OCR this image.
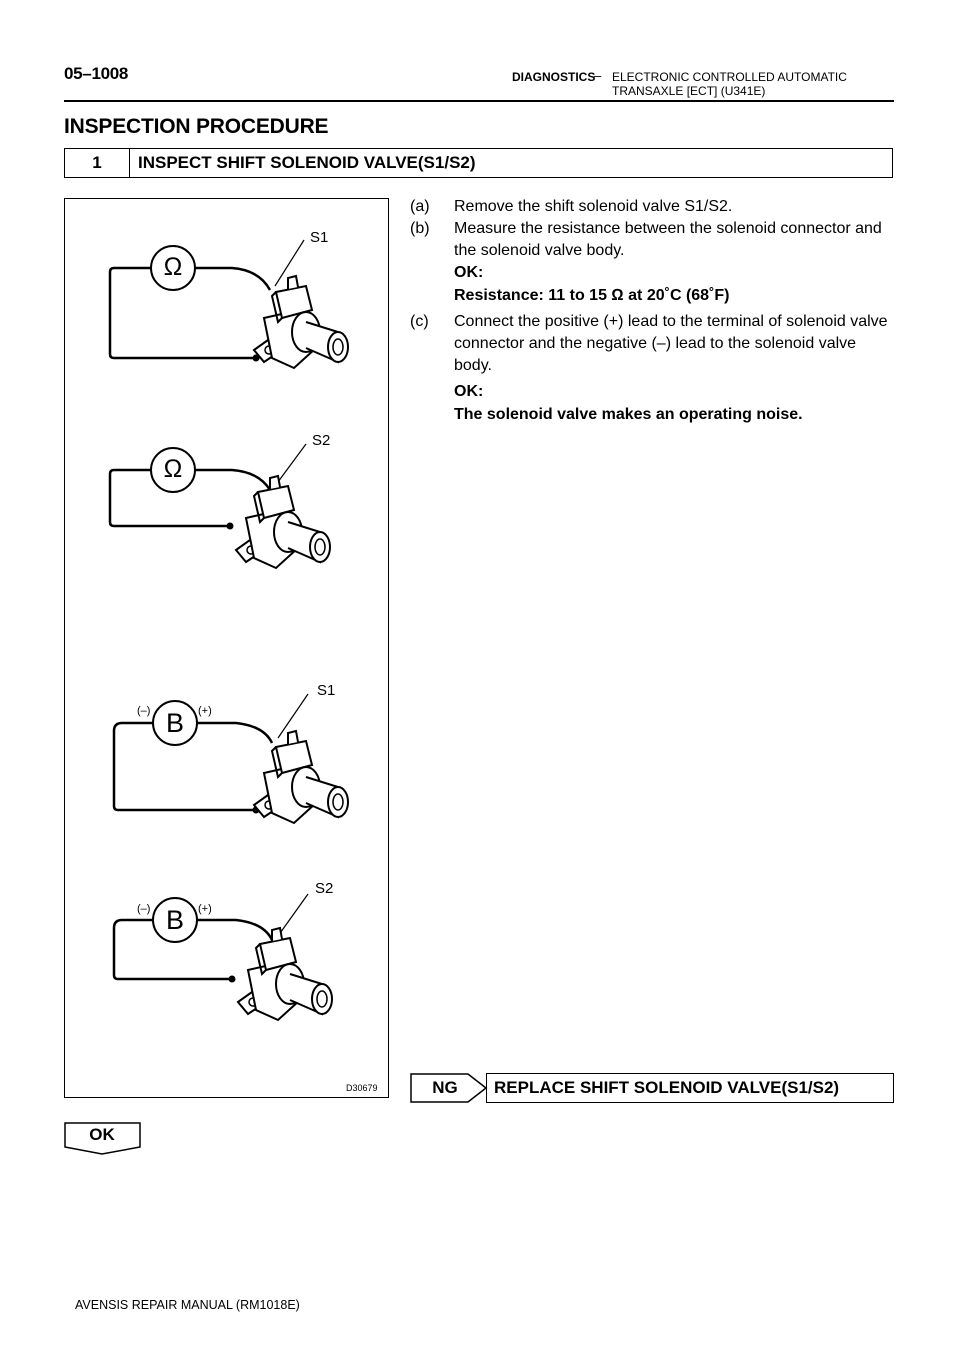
05–1008	DIAGNOSTICS
– ELECTRONIC CONTROLLED AUTOMATIC
TRANSAXLE [ECT] (U341E)
INSPECTION PROCEDURE
1	INSPECT SHIFT SOLENOID VALVE(S1/S2)
S1
Ω
S2
Ω
S1
B
(–)	(+)
S2
B
(–)	(+)
D30679
(a) Remove the shift solenoid valve S1/S2.
(b) Measure the resistance between the solenoid connector and the solenoid valve body.
OK:
Resistance: 11 to 15 Ω at 20˚C (68˚F)
(c) Connect the positive (+) lead to the terminal of solenoid valve connector and the negative (–) lead to the solenoid valve body.
OK:
The solenoid valve makes an operating noise.
NG	REPLACE SHIFT SOLENOID VALVE(S1/S2)
OK
AVENSIS REPAIR MANUAL (RM1018E)
